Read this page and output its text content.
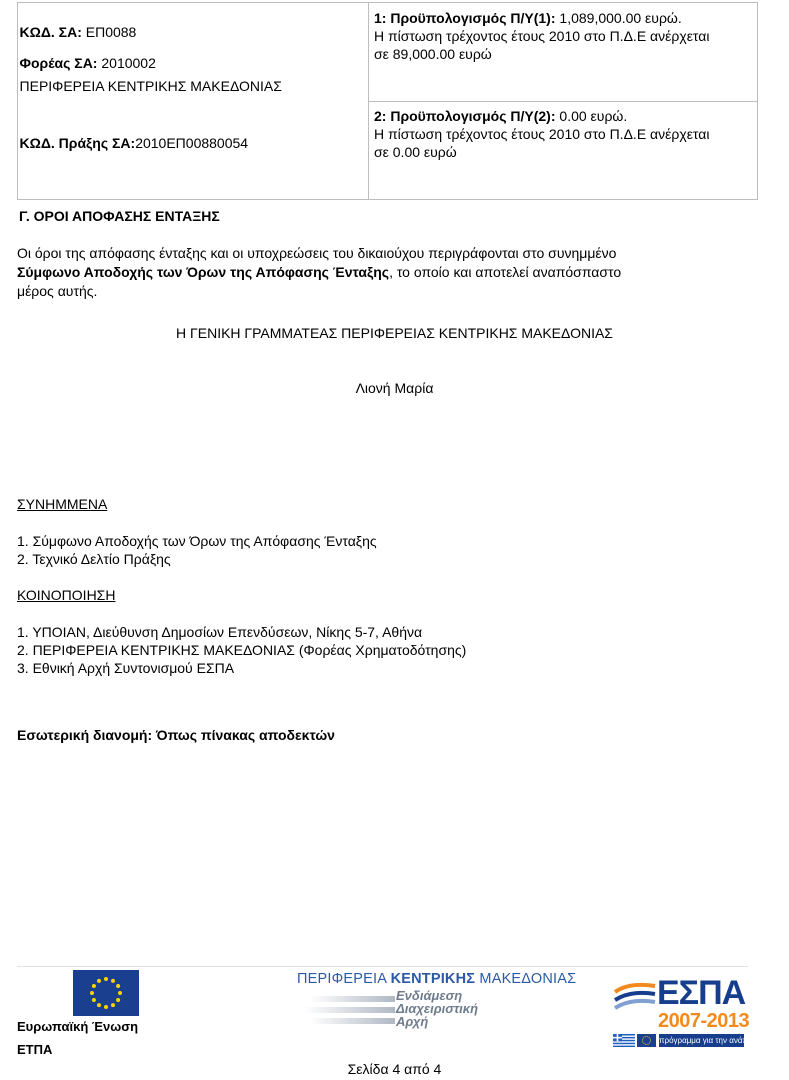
ΚΩΔ. ΣΑ: ΕΠ0088
Φορέας ΣΑ: 2010002
ΠΕΡΙΦΕΡΕΙΑ ΚΕΝΤΡΙΚΗΣ ΜΑΚΕΔΟΝΙΑΣ
ΚΩΔ. Πράξης ΣΑ:2010ΕΠ00880054

1: Προϋπολογισμός Π/Υ(1): 1,089,000.00 ευρώ.
Η πίστωση τρέχοντος έτους 2010 στο Π.Δ.Ε ανέρχεται
σε 89,000.00 ευρώ

2: Προϋπολογισμός Π/Υ(2): 0.00 ευρώ.
Η πίστωση τρέχοντος έτους 2010 στο Π.Δ.Ε ανέρχεται
σε 0.00 ευρώ
Γ. ΟΡΟΙ ΑΠΟΦΑΣΗΣ ΕΝΤΑΞΗΣ
Οι όροι της απόφασης ένταξης και οι υποχρεώσεις του δικαιούχου περιγράφονται στο συνημμένο
Σύμφωνο Αποδοχής των Όρων της Απόφασης Ένταξης, το οποίο και αποτελεί αναπόσπαστο
μέρος αυτής.
Η ΓΕΝΙΚΗ ΓΡΑΜΜΑΤΕΑΣ ΠΕΡΙΦΕΡΕΙΑΣ ΚΕΝΤΡΙΚΗΣ ΜΑΚΕΔΟΝΙΑΣ
Λιονή Μαρία
ΣΥΝΗΜΜΕΝΑ
1. Σύμφωνο Αποδοχής των Όρων της Απόφασης Ένταξης
2. Τεχνικό Δελτίο Πράξης
ΚΟΙΝΟΠΟΙΗΣΗ
1. ΥΠΟΙΑΝ, Διεύθυνση Δημοσίων Επενδύσεων, Νίκης 5-7, Αθήνα
2. ΠΕΡΙΦΕΡΕΙΑ ΚΕΝΤΡΙΚΗΣ ΜΑΚΕΔΟΝΙΑΣ (Φορέας Χρηματοδότησης)
3. Εθνική Αρχή Συντονισμού ΕΣΠΑ
Εσωτερική διανομή: Όπως πίνακας αποδεκτών
Ευρωπαϊκή Ένωση
ΕΤΠΑ
ΠΕΡΙΦΕΡΕΙΑ ΚΕΝΤΡΙΚΗΣ ΜΑΚΕΔΟΝΙΑΣ
Ενδιάμεση
Διαχειριστική
Αρχή
ΕΣΠΑ
2007-2013
πρόγραμμα για την ανάπτυξη
Σελίδα 4 από 4
